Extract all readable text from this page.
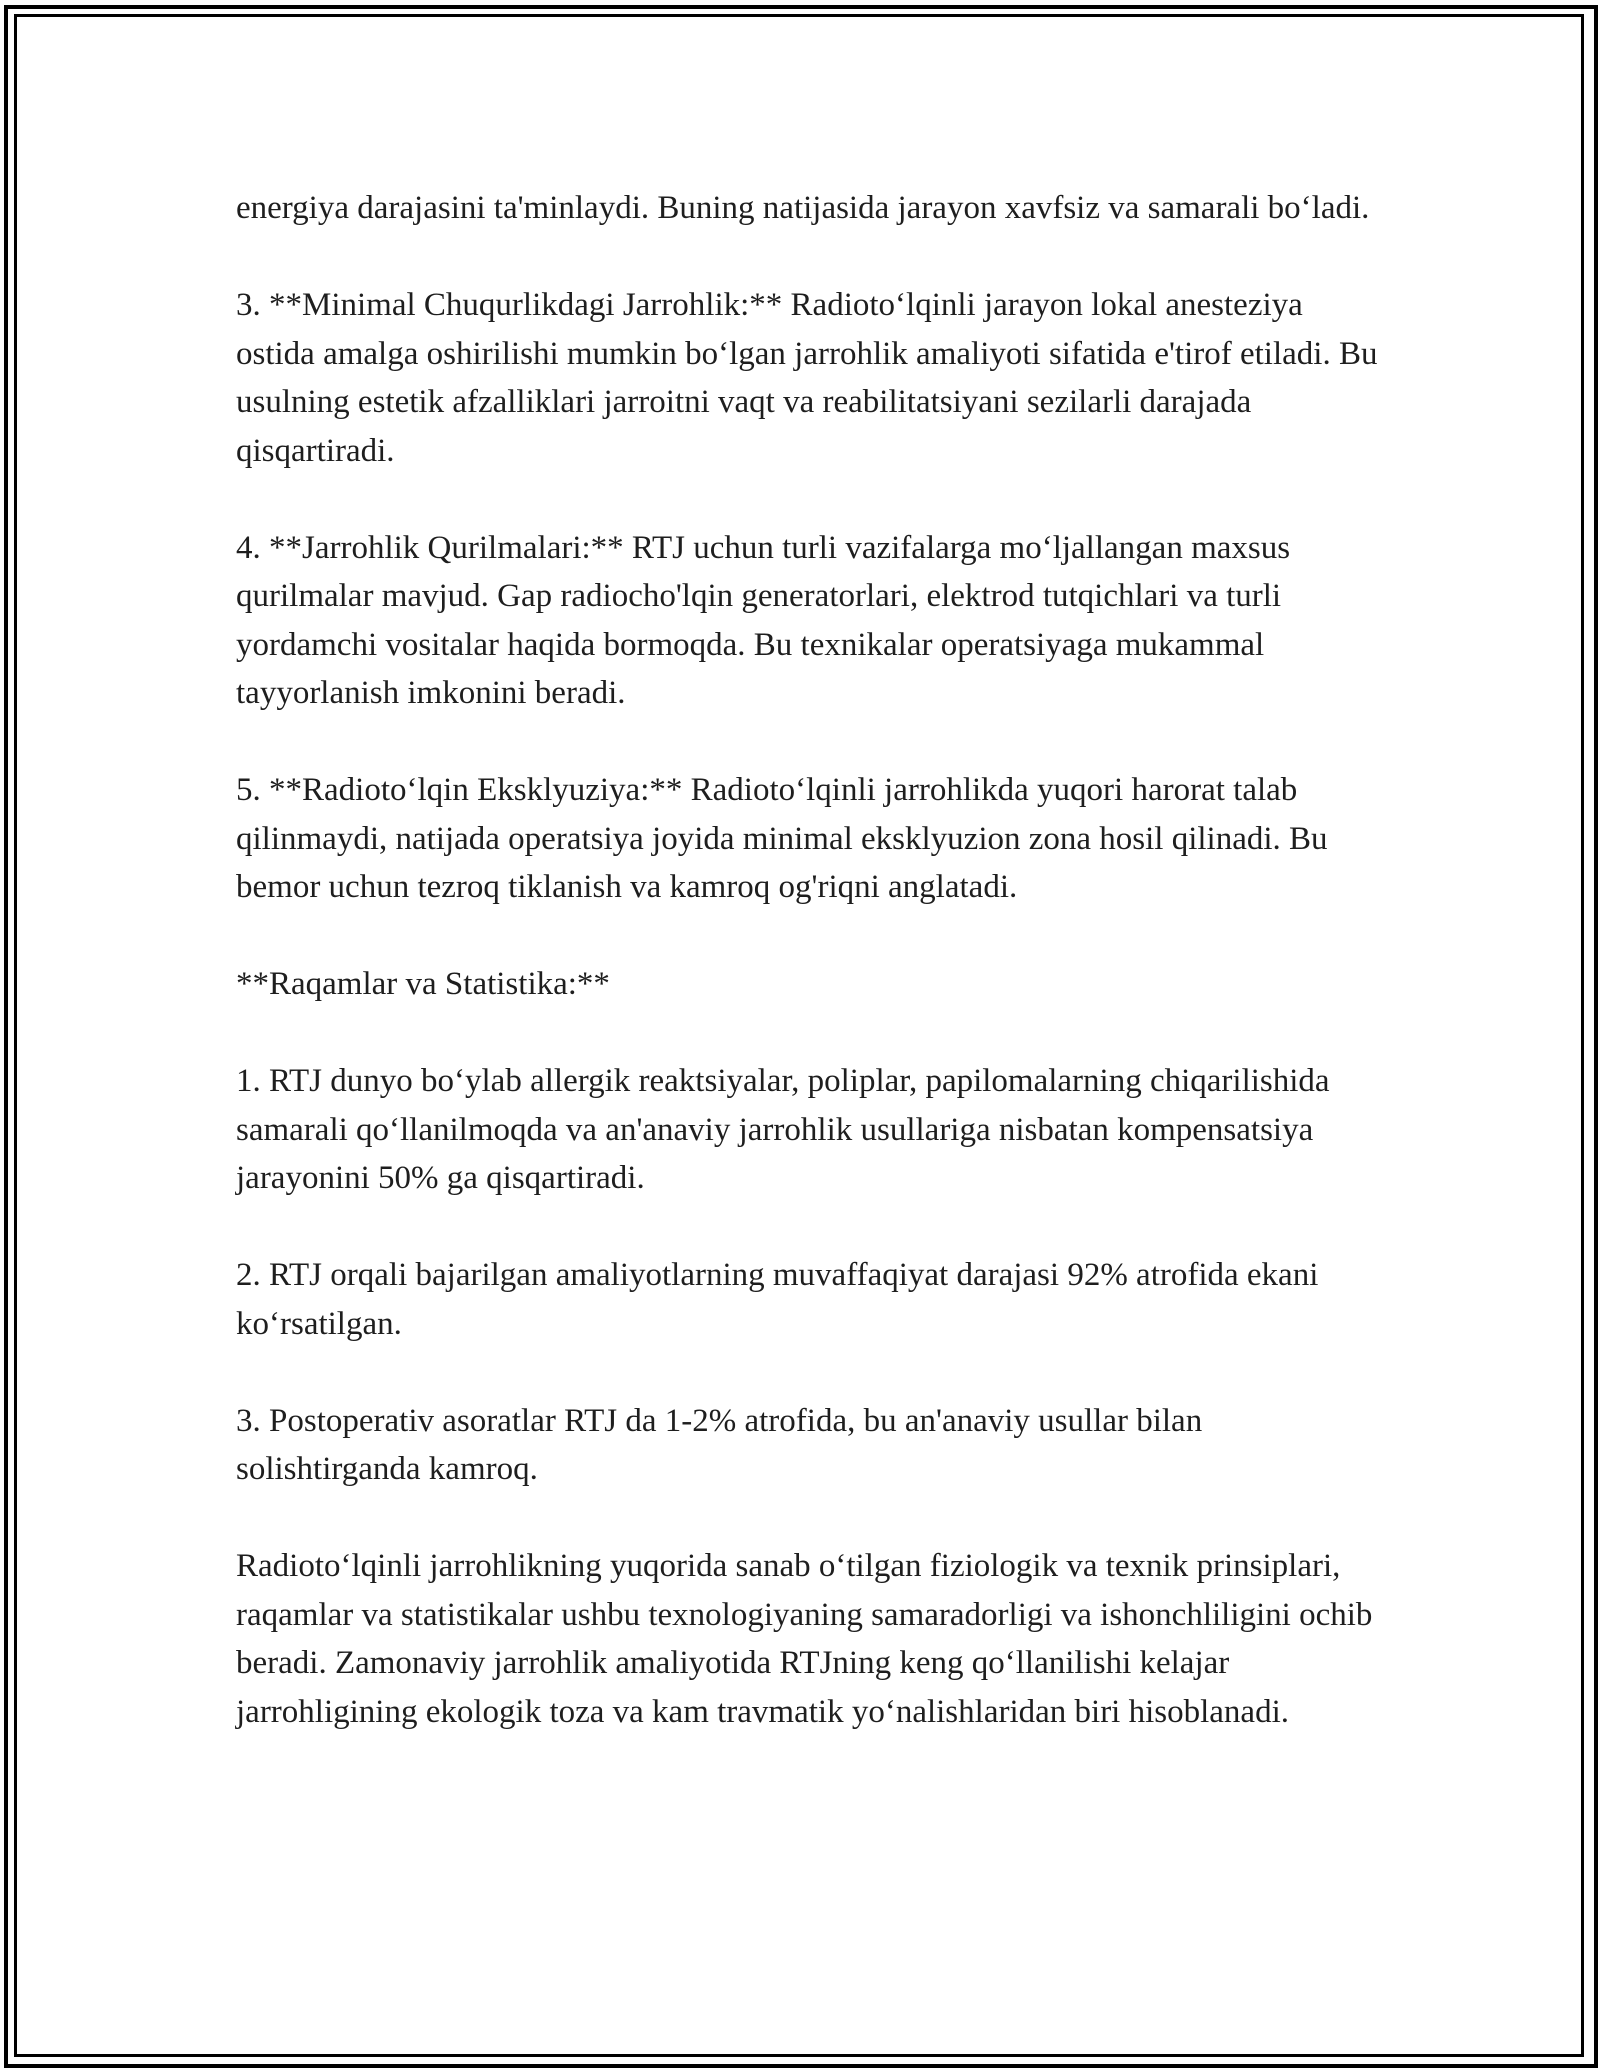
energiya darajasini ta'minlaydi. Buning natijasida jarayon xavfsiz va samarali bo‘ladi.

3. **Minimal Chuqurlikdagi Jarrohlik:** Radioto‘lqinli jarayon lokal anesteziya ostida amalga oshirilishi mumkin bo‘lgan jarrohlik amaliyoti sifatida e'tirof etiladi. Bu usulning estetik afzalliklari jarroitni vaqt va reabilitatsiyani sezilarli darajada qisqartiradi.

4. **Jarrohlik Qurilmalari:** RTJ uchun turli vazifalarga mo‘ljallangan maxsus qurilmalar mavjud. Gap radiocho'lqin generatorlari, elektrod tutqichlari va turli yordamchi vositalar haqida bormoqda. Bu texnikalar operatsiyaga mukammal tayyorlanish imkonini beradi.

5. **Radioto‘lqin Eksklyuziya:** Radioto‘lqinli jarrohlikda yuqori harorat talab qilinmaydi, natijada operatsiya joyida minimal eksklyuzion zona hosil qilinadi. Bu bemor uchun tezroq tiklanish va kamroq og'riqni anglatadi.

**Raqamlar va Statistika:**

1. RTJ dunyo bo‘ylab allergik reaktsiyalar, poliplar, papilomalarning chiqarilishida samarali qo‘llanilmoqda va an'anaviy jarrohlik usullariga nisbatan kompensatsiya jarayonini 50% ga qisqartiradi.

2. RTJ orqali bajarilgan amaliyotlarning muvaffaqiyat darajasi 92% atrofida ekani ko‘rsatilgan.

3. Postoperativ asoratlar RTJ da 1-2% atrofida, bu an'anaviy usullar bilan solishtirganda kamroq.

Radioto‘lqinli jarrohlikning yuqorida sanab o‘tilgan fiziologik va texnik prinsiplari, raqamlar va statistikalar ushbu texnologiyaning samaradorligi va ishonchliligini ochib beradi. Zamonaviy jarrohlik amaliyotida RTJning keng qo‘llanilishi kelajar jarrohligining ekologik toza va kam travmatik yo‘nalishlaridan biri hisoblanadi.
